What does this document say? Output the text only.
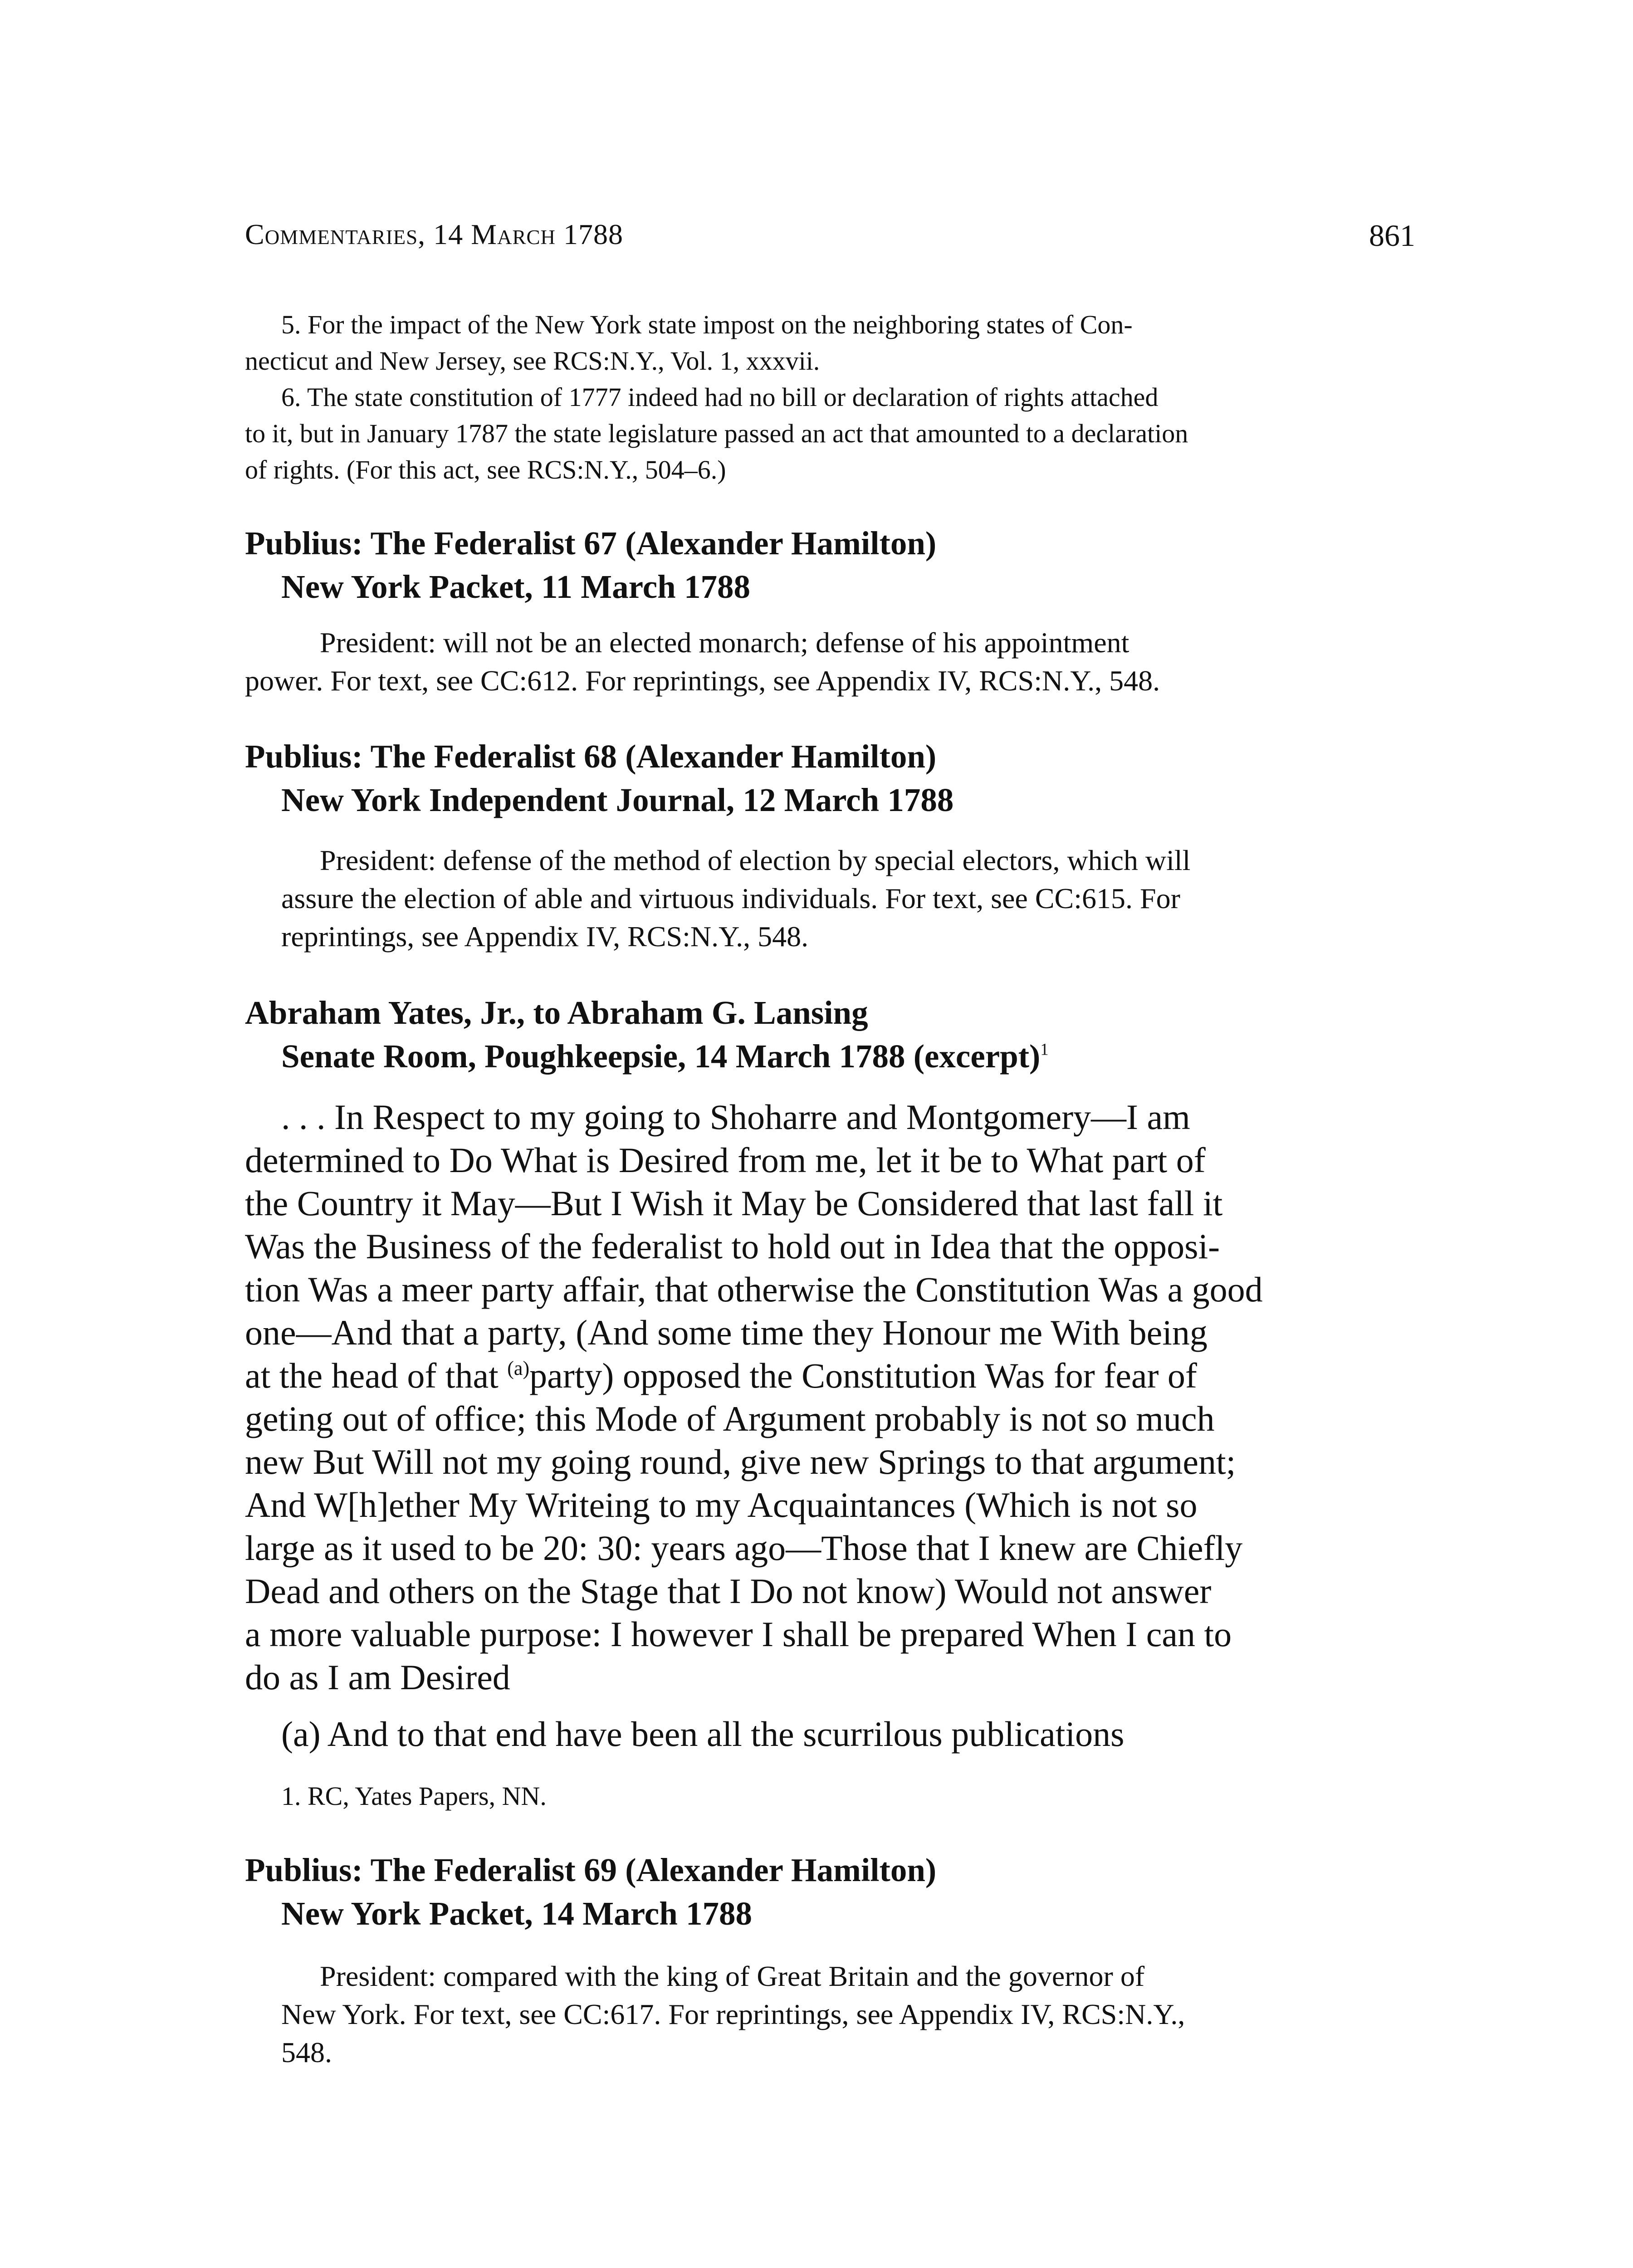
Commentaries, 14 March 1788	861
5. For the impact of the New York state impost on the neighboring states of Con-
necticut and New Jersey, see RCS:N.Y., Vol. 1, xxxvii.
6. The state constitution of 1777 indeed had no bill or declaration of rights attached
to it, but in January 1787 the state legislature passed an act that amounted to a declaration
of rights. (For this act, see RCS:N.Y., 504–6.)
Publius: The Federalist 67 (Alexander Hamilton)
New York Packet, 11 March 1788
President: will not be an elected monarch; defense of his appointment
power. For text, see CC:612. For reprintings, see Appendix IV, RCS:N.Y., 548.
Publius: The Federalist 68 (Alexander Hamilton)
New York Independent Journal, 12 March 1788
President: defense of the method of election by special electors, which will
assure the election of able and virtuous individuals. For text, see CC:615. For
reprintings, see Appendix IV, RCS:N.Y., 548.
Abraham Yates, Jr., to Abraham G. Lansing
Senate Room, Poughkeepsie, 14 March 1788 (excerpt)$^1$
. . . In Respect to my going to Shoharre and Montgomery—I am
determined to Do What is Desired from me, let it be to What part of
the Country it May—But I Wish it May be Considered that last fall it
Was the Business of the federalist to hold out in Idea that the opposi-
tion Was a meer party affair, that otherwise the Constitution Was a good
one—And that a party, (And some time they Honour me With being
at the head of that $^{(a)}$party) opposed the Constitution Was for fear of
geting out of office; this Mode of Argument probably is not so much
new But Will not my going round, give new Springs to that argument;
And W[h]ether My Writeing to my Acquaintances (Which is not so
large as it used to be 20: 30: years ago—Those that I knew are Chiefly
Dead and others on the Stage that I Do not know) Would not answer
a more valuable purpose: I however I shall be prepared When I can to
do as I am Desired
(a) And to that end have been all the scurrilous publications
1. RC, Yates Papers, NN.
Publius: The Federalist 69 (Alexander Hamilton)
New York Packet, 14 March 1788
President: compared with the king of Great Britain and the governor of
New York. For text, see CC:617. For reprintings, see Appendix IV, RCS:N.Y.,
548.
